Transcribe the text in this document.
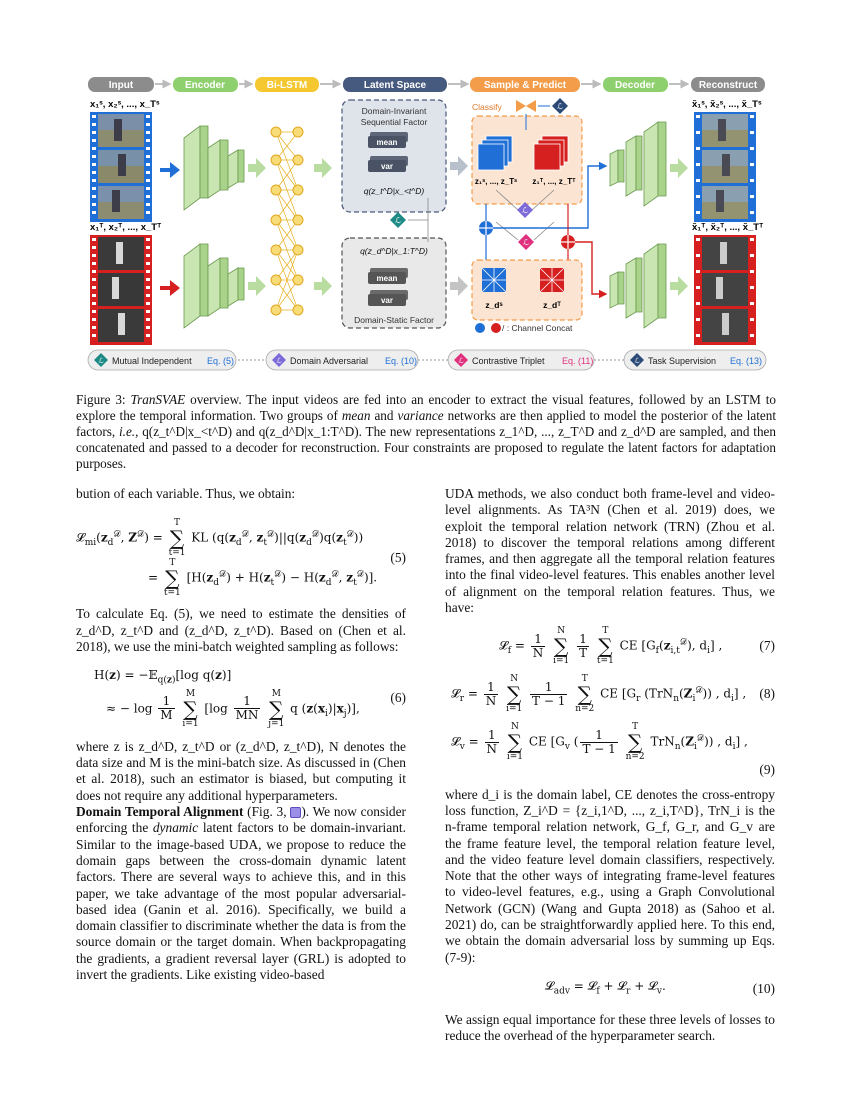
Input	Encoder	Bi-LSTM	Latent Space	Sample & Predict	Decoder	Reconstruct
x₁ˢ, x₂ˢ, ..., x_Tˢ
x₁ᵀ, x₂ᵀ, ..., x_Tᵀ
Domain-Invariant
Sequential Factor
mean
var
q(z_t^D|x_<t^D)
q(z_d^D|x_1:T^D)
mean
var
Domain-Static Factor
ℒ
z₁ˢ, ..., z_Tˢ z₁ᵀ, ..., z_Tᵀ
Classify	ℒ
ℒ
ℒ
z_dˢ	z_dᵀ
/ : Channel Concat
x̃₁ˢ, x̃₂ˢ, ..., x̃_Tˢ
x̃₁ᵀ, x̃₂ᵀ, ..., x̃_Tᵀ
ℒ Mutual Independent Eq. (5)	ℒ Domain Adversarial Eq. (10)	ℒ Contrastive Triplet Eq. (11)	ℒ Task Supervision Eq. (13)
Figure 3: TranSVAE overview. The input videos are fed into an encoder to extract the visual features, followed by an LSTM to explore the temporal information. Two groups of mean and variance networks are then applied to model the posterior of the latent factors, i.e., q(z_t^D|x_<t^D) and q(z_d^D|x_1:T^D). The new representations z_1^D, ..., z_T^D and z_d^D are sampled, and then concatenated and passed to a decoder for reconstruction. Four constraints are proposed to regulate the latent factors for adaptation purposes.

bution of each variable. Thus, we obtain:

$𝓛_{mi}(z_d^𝒟$, $Z^𝒟) = T$
∑
t=1 KL ($q(z_d^𝒟$, $z_t^𝒟)||q(z_d^𝒟)q(z_t^𝒟)$)
= T
∑
t=1 [$H(z_d^𝒟) + H(z_t^𝒟) - H(z_d^𝒟$, $z_t^𝒟$)].
(5)

To calculate Eq. (5), we need to estimate the densities of z_d^D, z_t^D and (z_d^D, z_t^D). Based on (Chen et al. 2018), we use the mini-batch weighted sampling as follows:

H(z) = −𝔼$_{q(z)}$[log q(z)]
≈ − $\log \frac{1}{M}$
M
∑
i=1 [$\log \frac{1}{MN}$
M
∑
j=1 q $(z(x_i)|x_j)$],
(6)

where z is z_d^D, z_t^D or (z_d^D, z_t^D), N denotes the data size and M is the mini-batch size. As discussed in (Chen et al. 2018), such an estimator is biased, but computing it does not require any additional hyperparameters.

Domain Temporal Alignment (Fig. 3, ). We now consider enforcing the dynamic latent factors to be domain-invariant. Similar to the image-based UDA, we propose to reduce the domain gaps between the cross-domain dynamic latent factors. There are several ways to achieve this, and in this paper, we take advantage of the most popular adversarial-based idea (Ganin et al. 2016). Specifically, we build a domain classifier to discriminate whether the data is from the source domain or the target domain. When backpropagating the gradients, a gradient reversal layer (GRL) is adopted to invert the gradients. Like existing video-based

UDA methods, we also conduct both frame-level and video-level alignments. As TA³N (Chen et al. 2019) does, we exploit the temporal relation network (TRN) (Zhou et al. 2018) to discover the temporal relations among different frames, and then aggregate all the temporal relation features into the final video-level features. This enables another level of alignment on the temporal relation features. Thus, we have:

𝓛$_f$ = $\frac{1}{N}$
N
∑
i=1
$\frac{1}{T}$
T
∑
t=1 CE [$G_f(z_{i,t}^𝒟)$, $d_i$] ,	(7)
𝓛$_r$ = $\frac{1}{N}$
N
∑
i=1
$\frac{1}{T - 1}$
T
∑
n=2 CE [$G_r$ $(TrN_n(Z_i^𝒟))$ , $d_i$] , (8)
𝓛$_v$ = $\frac{1}{N}$
N
∑
i=1 CE [$G_v$ ( $\frac{1}{T - 1}$
T
∑
n=2 $TrN_n(Z_i^𝒟)$) , $d_i$] ,
(9)

where d_i is the domain label, CE denotes the cross-entropy loss function, Z_i^D = {z_i,1^D, ..., z_i,T^D}, TrN_i is the n-frame temporal relation network, G_f, G_r, and G_v are the frame feature level, the temporal relation feature level, and the video feature level domain classifiers, respectively. Note that the other ways of integrating frame-level features to video-level features, e.g., using a Graph Convolutional Network (GCN) (Wang and Gupta 2018) as (Sahoo et al. 2021) do, can be straightforwardly applied here. To this end, we obtain the domain adversarial loss by summing up Eqs. (7-9):

𝓛$_{adv}$ = 𝓛$_f$ + 𝓛$_r$ + 𝓛$_v$.	(10)

We assign equal importance for these three levels of losses to reduce the overhead of the hyperparameter search.
